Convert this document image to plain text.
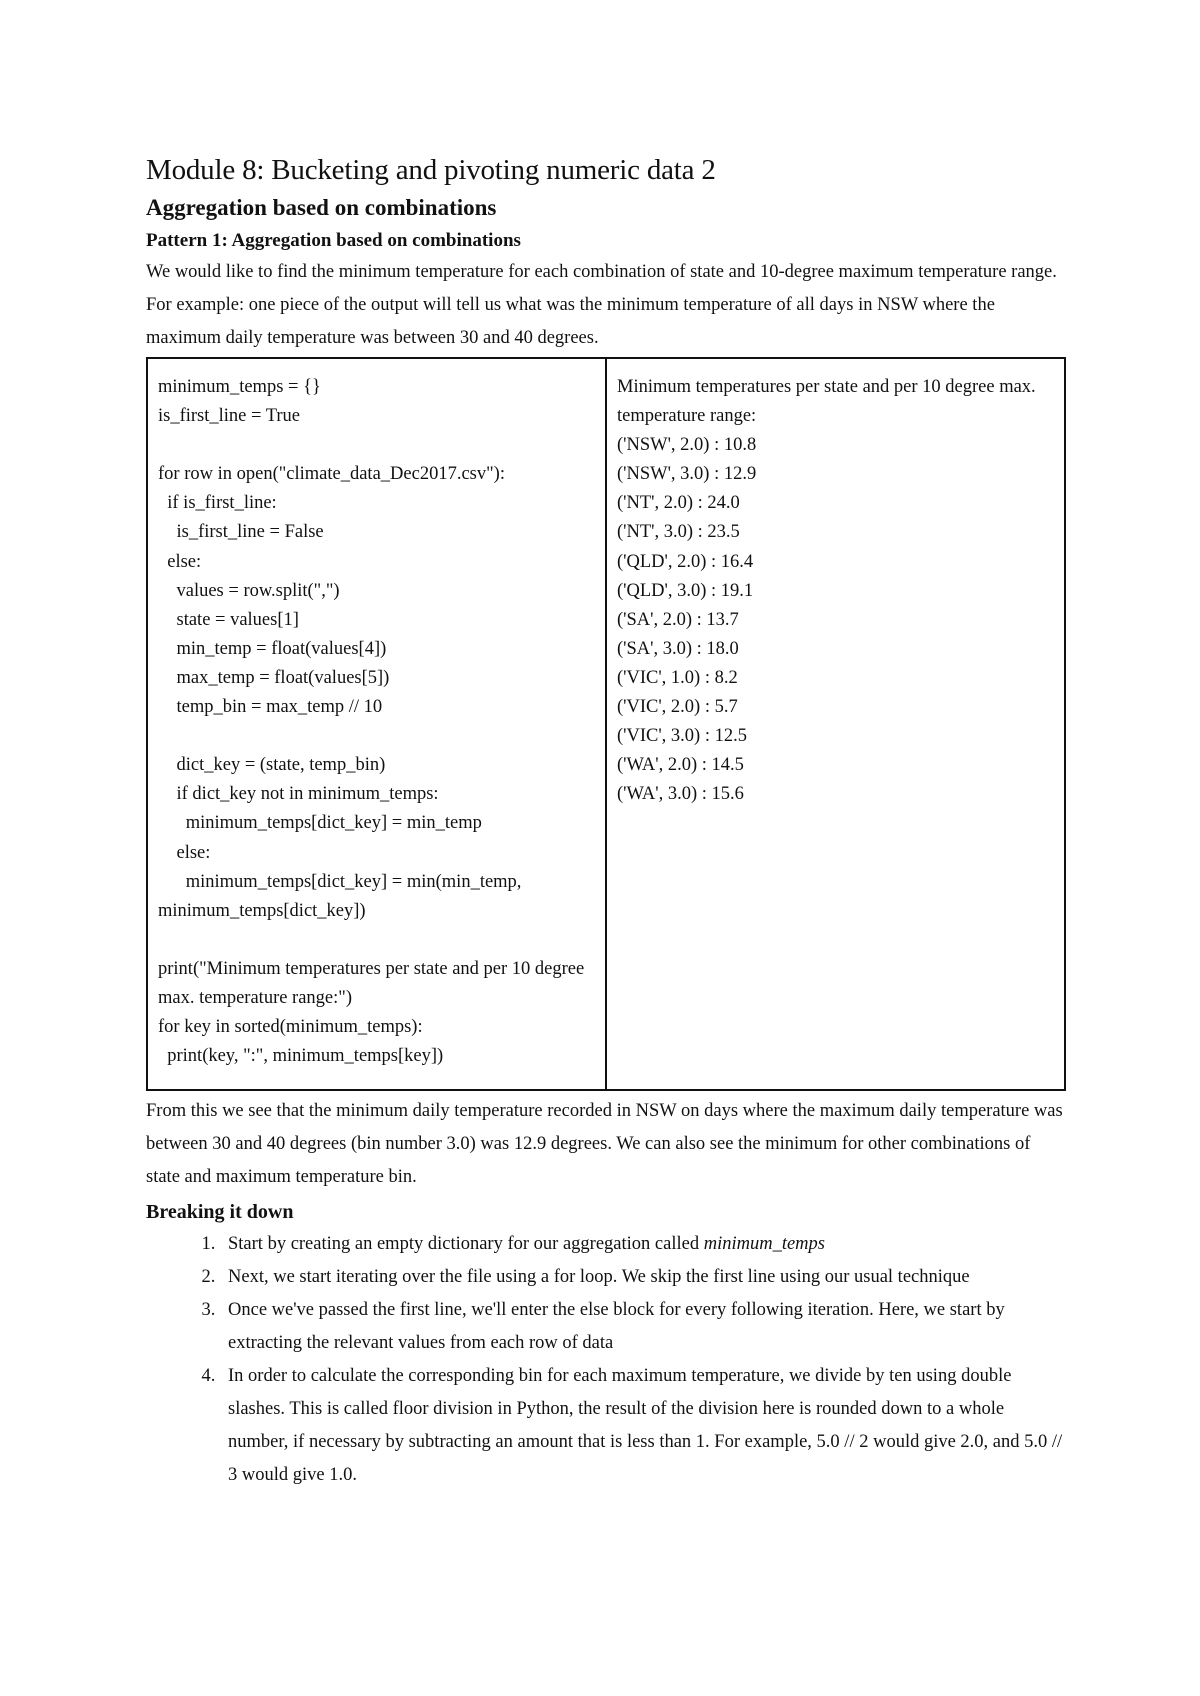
Module 8: Bucketing and pivoting numeric data 2
Aggregation based on combinations
Pattern 1: Aggregation based on combinations

We would like to find the minimum temperature for each combination of state and 10-degree maximum temperature range. For example: one piece of the output will tell us what was the minimum temperature of all days in NSW where the maximum daily temperature was between 30 and 40 degrees.

minimum_temps = {}
is_first_line = True

for row in open("climate_data_Dec2017.csv"):
if is_first_line:
is_first_line = False
else:
values = row.split(",")
state = values[1]
min_temp = float(values[4])
max_temp = float(values[5])
temp_bin = max_temp // 10

dict_key = (state, temp_bin)
if dict_key not in minimum_temps:
minimum_temps[dict_key] = min_temp
else:
minimum_temps[dict_key] = min(min_temp, minimum_temps[dict_key])

print("Minimum temperatures per state and per 10 degree max. temperature range:")
for key in sorted(minimum_temps):
print(key, ":", minimum_temps[key])

Minimum temperatures per state and per 10 degree max. temperature range:
('NSW', 2.0) : 10.8
('NSW', 3.0) : 12.9
('NT', 2.0) : 24.0
('NT', 3.0) : 23.5
('QLD', 2.0) : 16.4
('QLD', 3.0) : 19.1
('SA', 2.0) : 13.7
('SA', 3.0) : 18.0
('VIC', 1.0) : 8.2
('VIC', 2.0) : 5.7
('VIC', 3.0) : 12.5
('WA', 2.0) : 14.5
('WA', 3.0) : 15.6

From this we see that the minimum daily temperature recorded in NSW on days where the maximum daily temperature was between 30 and 40 degrees (bin number 3.0) was 12.9 degrees. We can also see the minimum for other combinations of state and maximum temperature bin.

Breaking it down
1. Start by creating an empty dictionary for our aggregation called minimum_temps
2. Next, we start iterating over the file using a for loop. We skip the first line using our usual technique
3. Once we've passed the first line, we'll enter the else block for every following iteration. Here, we start by extracting the relevant values from each row of data
4. In order to calculate the corresponding bin for each maximum temperature, we divide by ten using double slashes. This is called floor division in Python, the result of the division here is rounded down to a whole number, if necessary by subtracting an amount that is less than 1. For example, 5.0 // 2 would give 2.0, and 5.0 // 3 would give 1.0.
